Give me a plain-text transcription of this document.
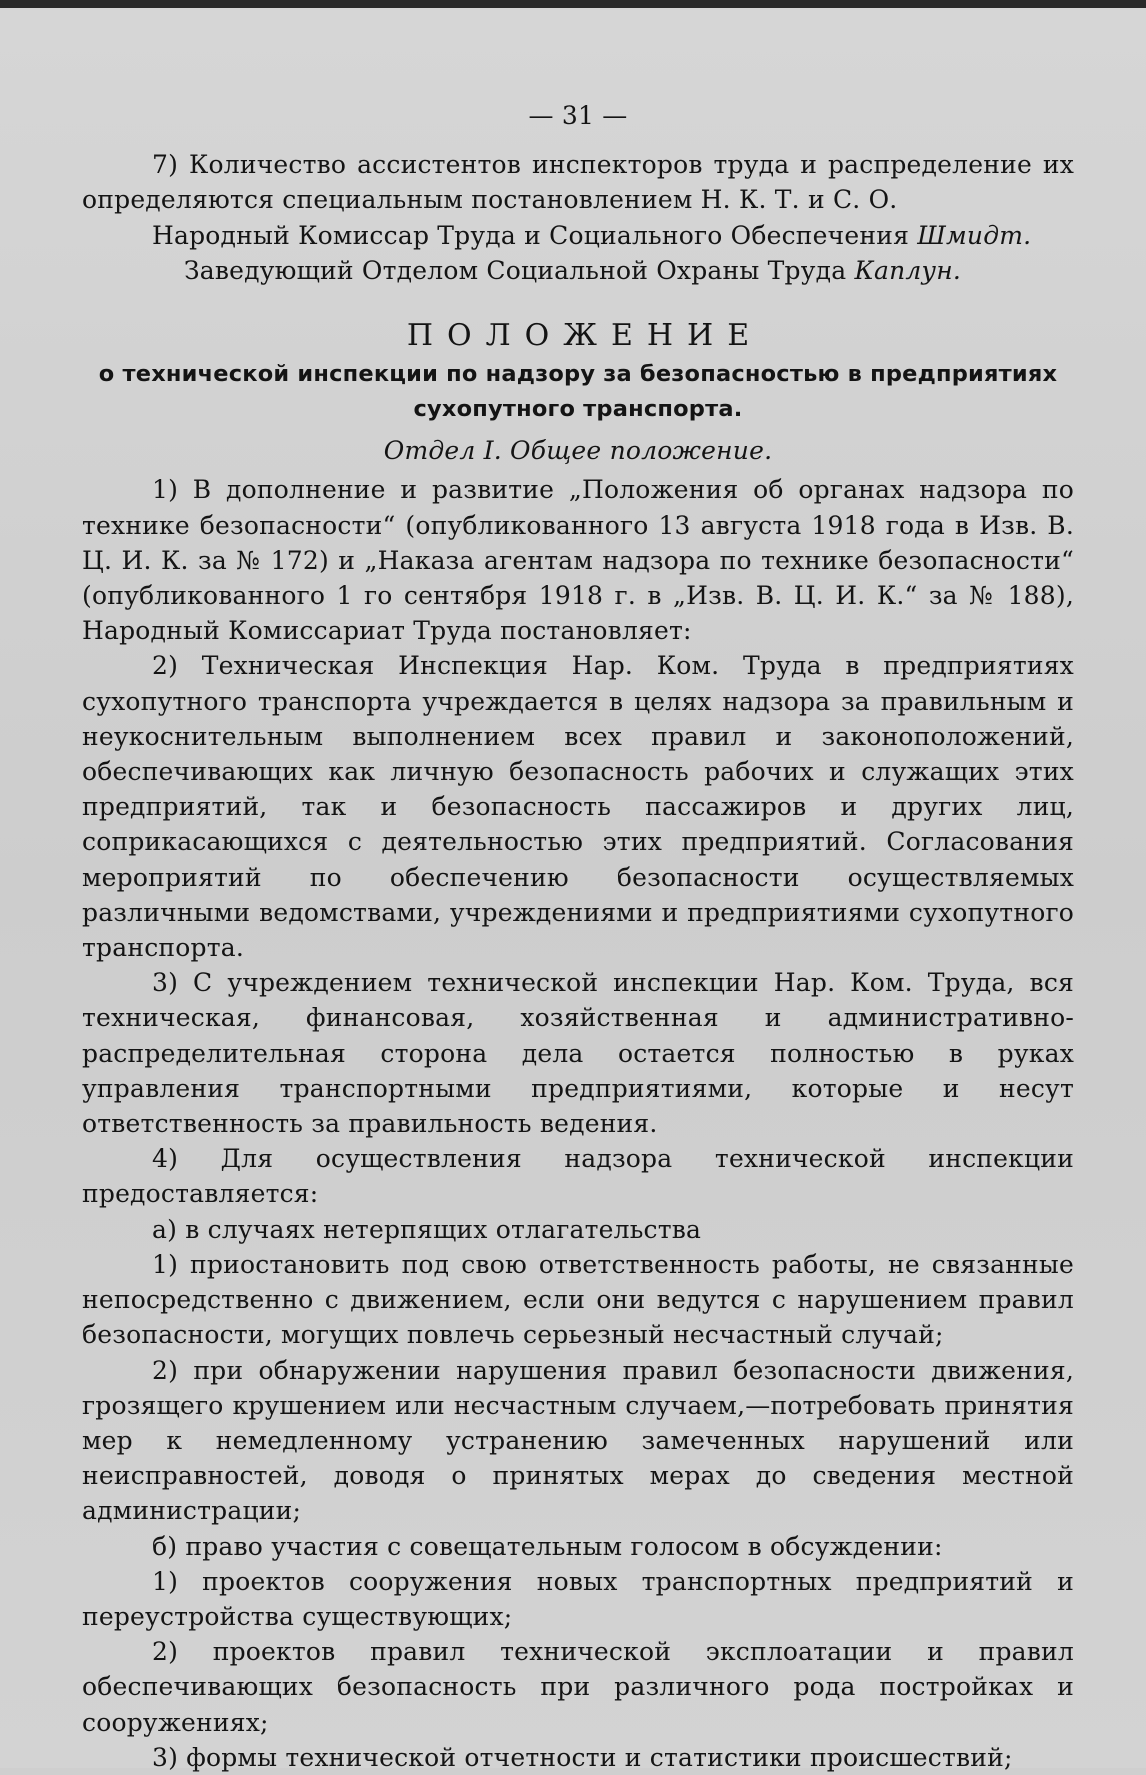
— 31 —

7) Количество ассистентов инспекторов труда и распределение их определяются специальным постановлением Н. К. Т. и С. О.

Народный Комиссар Труда и Социального Обеспечения Шмидт.

Заведующий Отделом Социальной Охраны Труда Каплун.

ПОЛОЖЕНИЕ

о технической инспекции по надзору за безопасностью в предприятиях

сухопутного транспорта.

Отдел I. Общее положение.

1) В дополнение и развитие „Положения об органах надзора по технике безопасности“ (опубликованного 13 августа 1918 года в Изв. В. Ц. И. К. за № 172) и „Наказа агентам надзора по технике безопасности“ (опубликованного 1 го сентября 1918 г. в „Изв. В. Ц. И. К.“ за № 188), Народный Комиссариат Труда постановляет:

2) Техническая Инспекция Нар. Ком. Труда в предприятиях сухопутного транспорта учреждается в целях надзора за правильным и неукоснительным выполнением всех правил и законоположений, обеспечивающих как личную безопасность рабочих и служащих этих предприятий, так и безопасность пассажиров и других лиц, соприкасающихся с деятельностью этих предприятий. Согласования мероприятий по обеспечению безопасности осуществляемых различными ведомствами, учреждениями и предприятиями сухопутного транспорта.

3) С учреждением технической инспекции Нар. Ком. Труда, вся техническая, финансовая, хозяйственная и административно-распределительная сторона дела остается полностью в руках управления транспортными предприятиями, которые и несут ответственность за правильность ведения.

4) Для осуществления надзора технической инспекции предоставляется:

а) в случаях нетерпящих отлагательства

1) приостановить под свою ответственность работы, не связанные непосредственно с движением, если они ведутся с нарушением правил безопасности, могущих повлечь серьезный несчастный случай;

2) при обнаружении нарушения правил безопасности движения, грозящего крушением или несчастным случаем,—потребовать принятия мер к немедленному устранению замеченных нарушений или неисправностей, доводя о принятых мерах до сведения местной администрации;

б) право участия с совещательным голосом в обсуждении:

1) проектов сооружения новых транспортных предприятий и переустройства существующих;

2) проектов правил технической эксплоатации и правил обеспечивающих безопасность при различного рода постройках и сооружениях;

3) формы технической отчетности и статистики происшествий;
